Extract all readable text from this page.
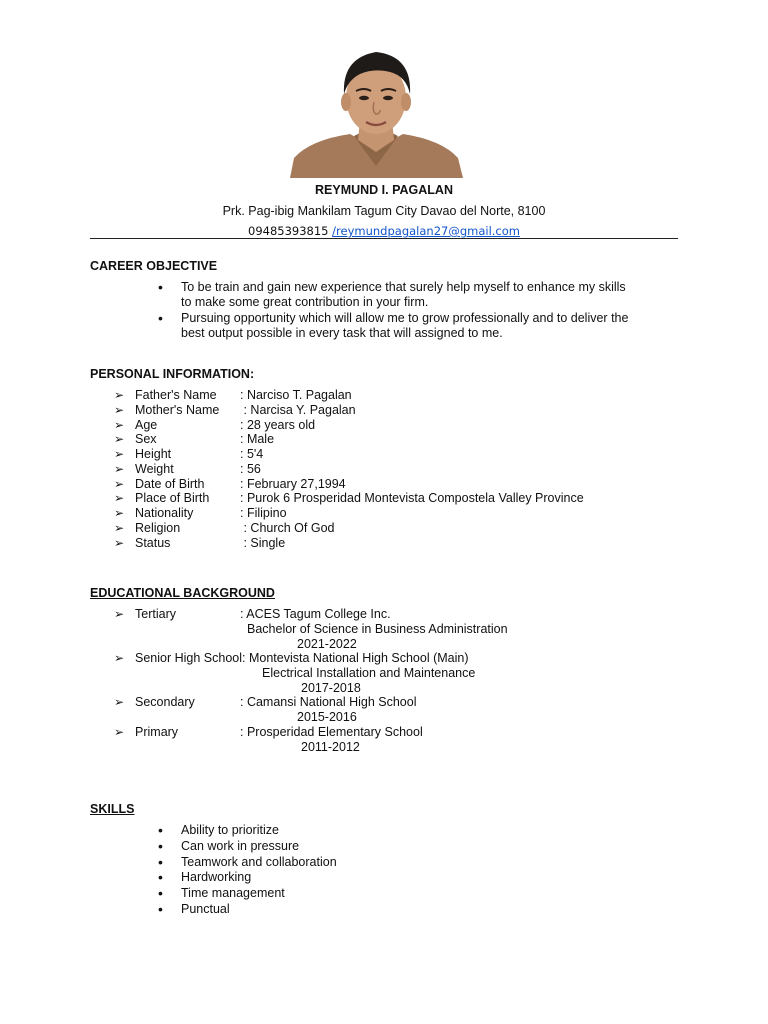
REYMUND I. PAGALAN
Prk. Pag-ibig Mankilam Tagum City Davao del Norte, 8100
09485393815 /reymundpagalan27@gmail.com
CAREER OBJECTIVE
• To be train and gain new experience that surely help myself to enhance my skills
to make some great contribution in your firm.
• Pursuing opportunity which will allow me to grow professionally and to deliver the
best output possible in every task that will assigned to me.
PERSONAL INFORMATION:
➢ Father's Name : Narciso T. Pagalan
➢ Mother's Name : Narcisa Y. Pagalan
➢ Age	: 28 years old
➢ Sex	: Male
➢ Height	: 5'4
➢ Weight	: 56
➢ Date of Birth	: February 27,1994
➢ Place of Birth : Purok 6 Prosperidad Montevista Compostela Valley Province
➢ Nationality	: Filipino
➢ Religion	: Church Of God
➢ Status	: Single
EDUCATIONAL BACKGROUND
➢ Tertiary	: ACES Tagum College Inc.
Bachelor of Science in Business Administration
2021-2022
➢ Senior High School: Montevista National High School (Main)
Electrical Installation and Maintenance
2017-2018
➢ Secondary	: Camansi National High School
2015-2016
➢ Primary	: Prosperidad Elementary School
2011-2012
SKILLS
• Ability to prioritize
• Can work in pressure
• Teamwork and collaboration
• Hardworking
• Time management
• Punctual
